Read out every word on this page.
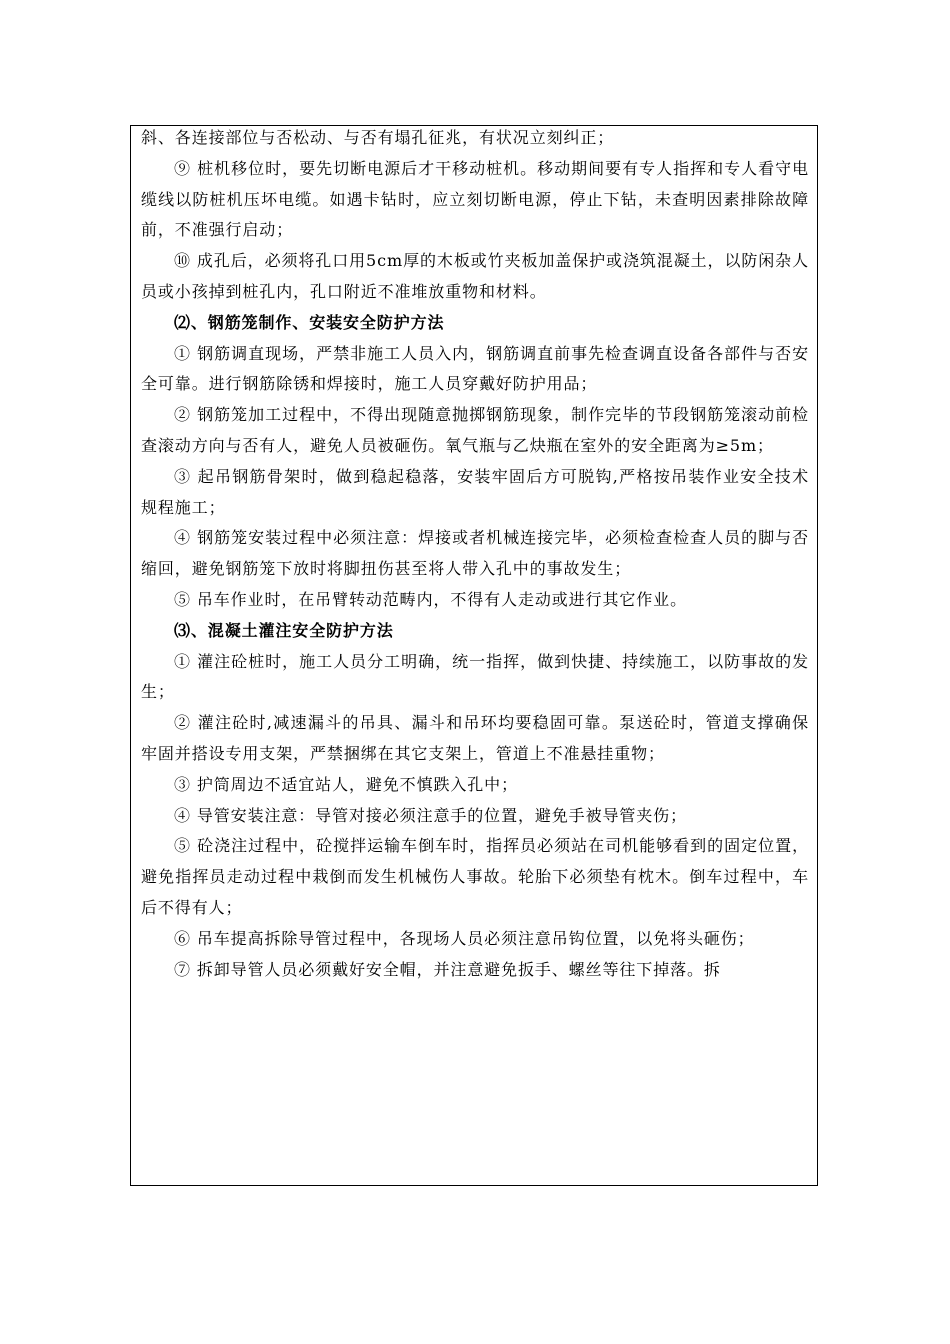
斜、各连接部位与否松动、与否有塌孔征兆，有状况立刻纠正；

⑨ 桩机移位时，要先切断电源后才干移动桩机。移动期间要有专人指挥和专人看守电缆线以防桩机压坏电缆。如遇卡钻时，应立刻切断电源，停止下钻，未查明因素排除故障前，不准强行启动；

⑩ 成孔后，必须将孔口用5cm厚的木板或竹夹板加盖保护或浇筑混凝土，以防闲杂人员或小孩掉到桩孔内，孔口附近不准堆放重物和材料。

⑵、钢筋笼制作、安装安全防护方法

① 钢筋调直现场，严禁非施工人员入内，钢筋调直前事先检查调直设备各部件与否安全可靠。进行钢筋除锈和焊接时，施工人员穿戴好防护用品；

② 钢筋笼加工过程中，不得出现随意抛掷钢筋现象，制作完毕的节段钢筋笼滚动前检查滚动方向与否有人，避免人员被砸伤。氧气瓶与乙炔瓶在室外的安全距离为≥5m；

③ 起吊钢筋骨架时，做到稳起稳落，安装牢固后方可脱钩,严格按吊装作业安全技术规程施工；

④ 钢筋笼安装过程中必须注意：焊接或者机械连接完毕，必须检查检查人员的脚与否缩回，避免钢筋笼下放时将脚扭伤甚至将人带入孔中的事故发生；

⑤ 吊车作业时，在吊臂转动范畴内，不得有人走动或进行其它作业。

⑶、混凝土灌注安全防护方法

① 灌注砼桩时，施工人员分工明确，统一指挥，做到快捷、持续施工，以防事故的发生；

② 灌注砼时,减速漏斗的吊具、漏斗和吊环均要稳固可靠。泵送砼时，管道支撑确保牢固并搭设专用支架，严禁捆绑在其它支架上，管道上不准悬挂重物；

③ 护筒周边不适宜站人，避免不慎跌入孔中；

④ 导管安装注意：导管对接必须注意手的位置，避免手被导管夹伤；

⑤ 砼浇注过程中，砼搅拌运输车倒车时，指挥员必须站在司机能够看到的固定位置，避免指挥员走动过程中栽倒而发生机械伤人事故。轮胎下必须垫有枕木。倒车过程中，车后不得有人；

⑥ 吊车提高拆除导管过程中，各现场人员必须注意吊钩位置，以免将头砸伤；

⑦ 拆卸导管人员必须戴好安全帽，并注意避免扳手、螺丝等往下掉落。拆
